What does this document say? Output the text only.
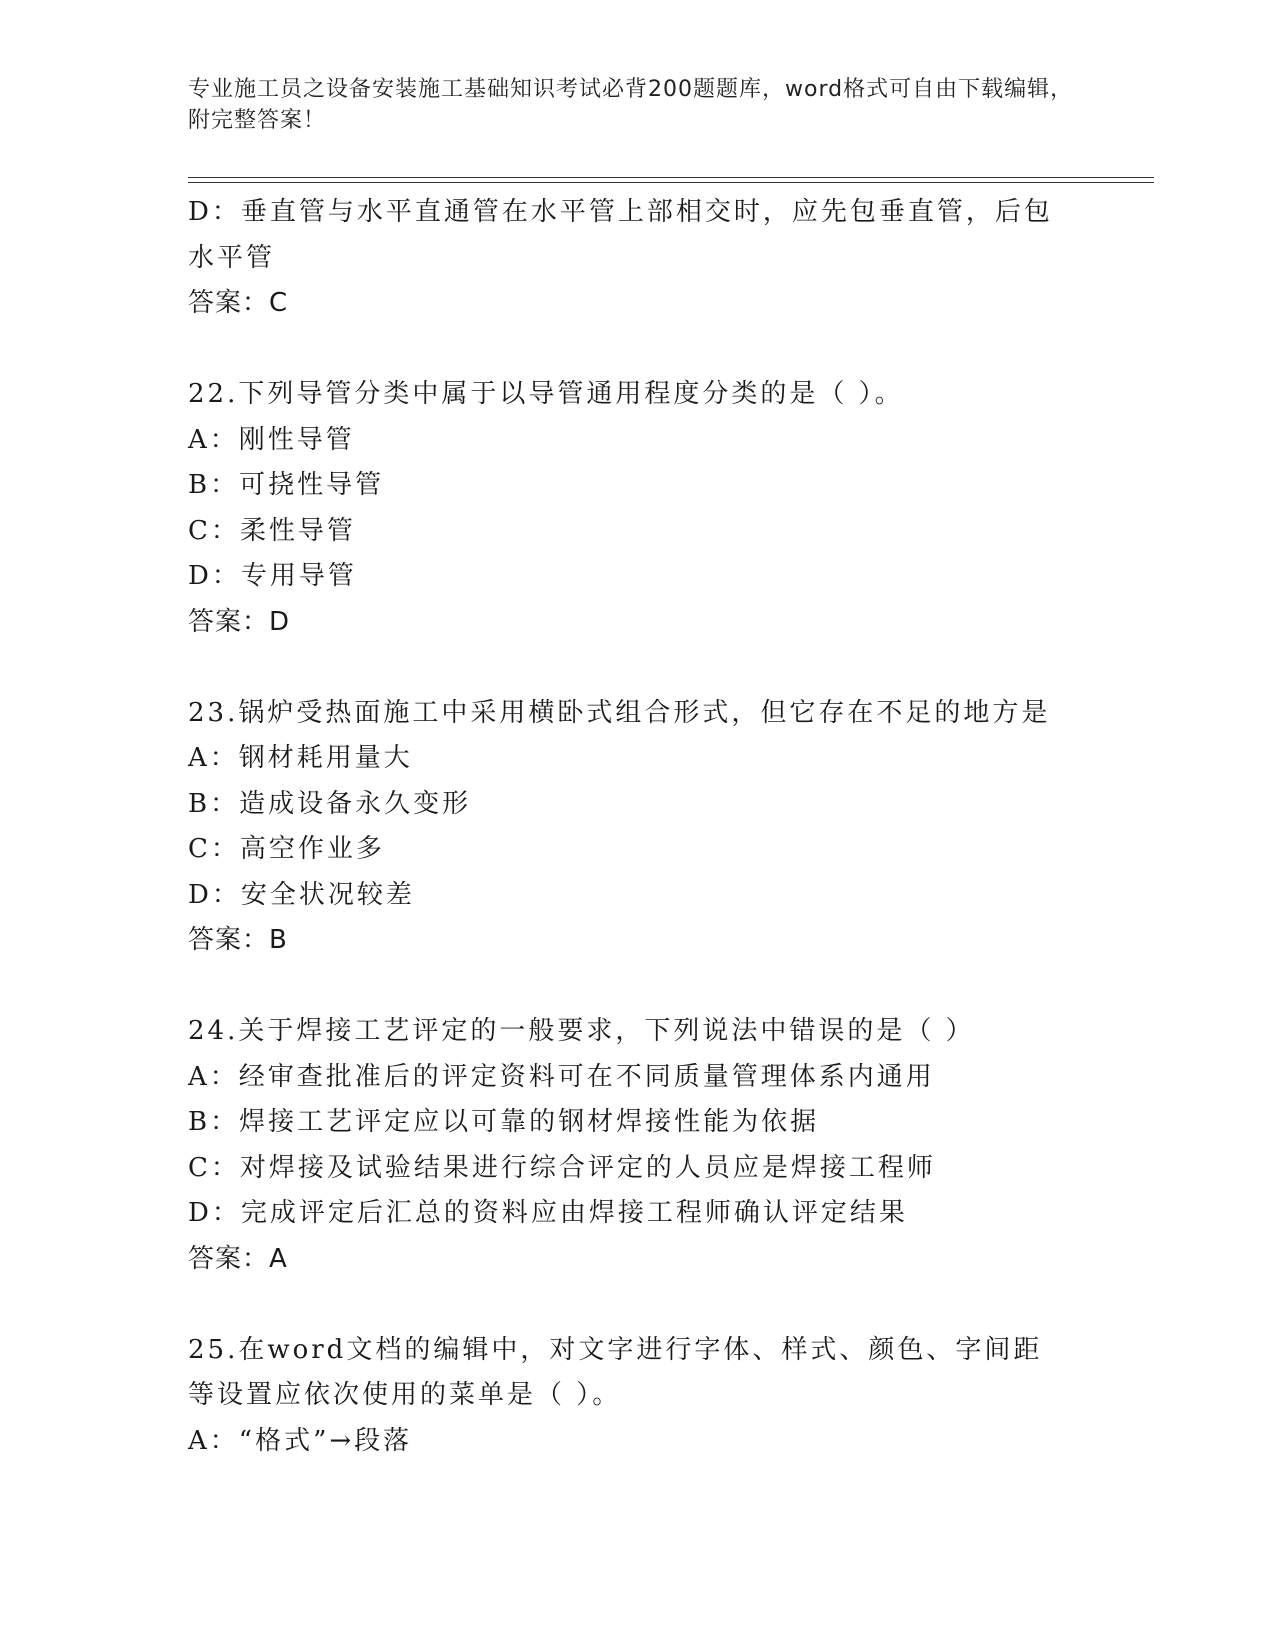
专业施工员之设备安装施工基础知识考试必背200题题库，word格式可自由下载编辑，附完整答案！
D：垂直管与水平直通管在水平管上部相交时，应先包垂直管，后包水平管
答案：C
22.下列导管分类中属于以导管通用程度分类的是（ ）。
A：刚性导管
B：可挠性导管
C：柔性导管
D：专用导管
答案：D
23.锅炉受热面施工中采用横卧式组合形式，但它存在不足的地方是
A：钢材耗用量大
B：造成设备永久变形
C：高空作业多
D：安全状况较差
答案：B
24.关于焊接工艺评定的一般要求，下列说法中错误的是（ ）
A：经审查批准后的评定资料可在不同质量管理体系内通用
B：焊接工艺评定应以可靠的钢材焊接性能为依据
C：对焊接及试验结果进行综合评定的人员应是焊接工程师
D：完成评定后汇总的资料应由焊接工程师确认评定结果
答案：A
25.在word文档的编辑中，对文字进行字体、样式、颜色、字间距等设置应依次使用的菜单是（ ）。
A：“格式”→段落
